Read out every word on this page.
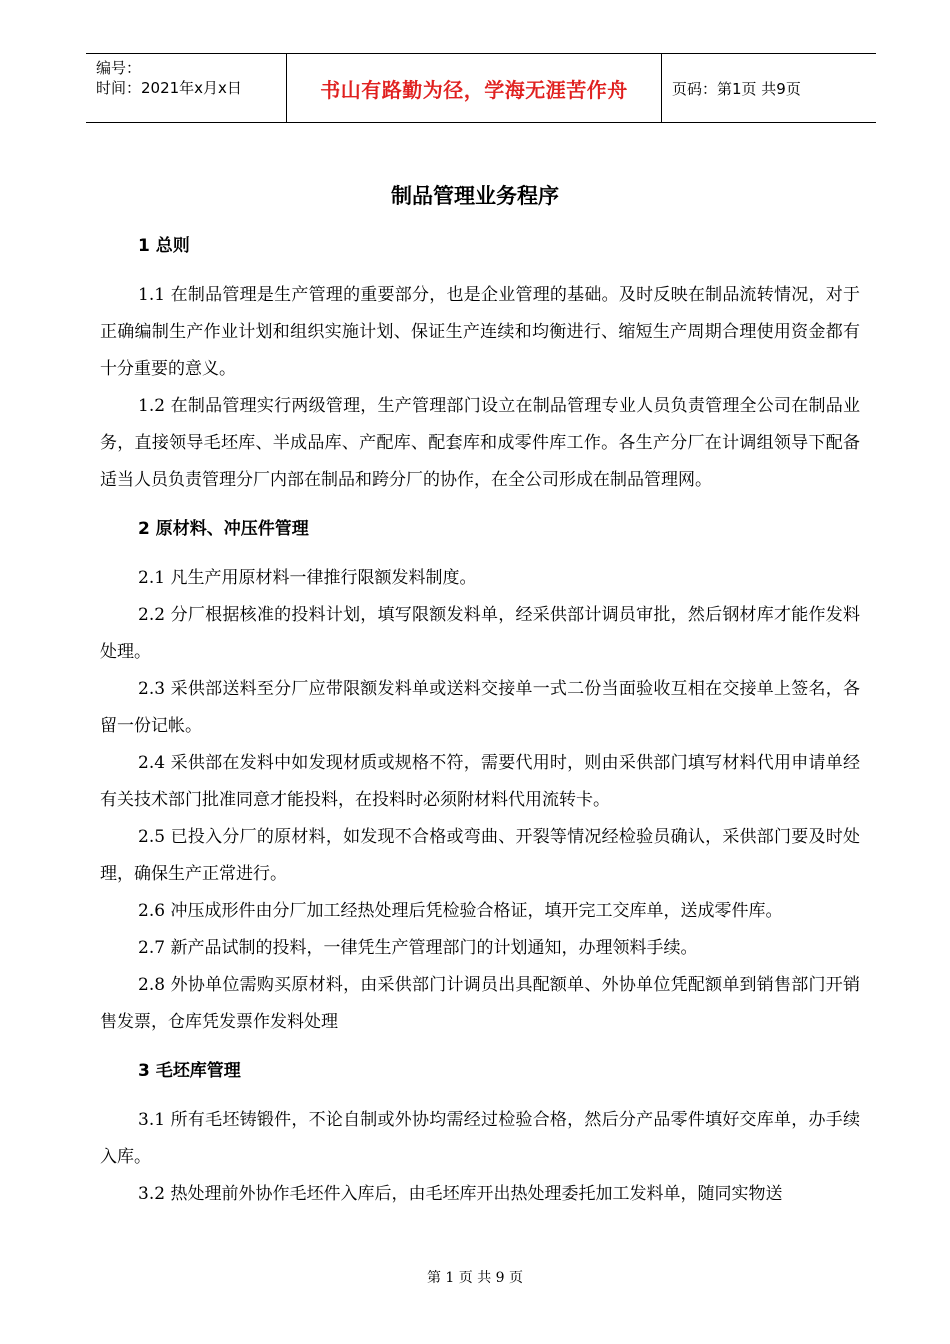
编号：
时间：2021年x月x日	书山有路勤为径，学海无涯苦作舟	页码：第1页 共9页
制品管理业务程序
1 总则

1.1 在制品管理是生产管理的重要部分，也是企业管理的基础。及时反映在制品流转情况，对于正确编制生产作业计划和组织实施计划、保证生产连续和均衡进行、缩短生产周期合理使用资金都有十分重要的意义。

1.2 在制品管理实行两级管理，生产管理部门设立在制品管理专业人员负责管理全公司在制品业务，直接领导毛坯库、半成品库、产配库、配套库和成零件库工作。各生产分厂在计调组领导下配备适当人员负责管理分厂内部在制品和跨分厂的协作，在全公司形成在制品管理网。

2 原材料、冲压件管理

2.1 凡生产用原材料一律推行限额发料制度。

2.2 分厂根据核准的投料计划，填写限额发料单，经采供部计调员审批，然后钢材库才能作发料处理。

2.3 采供部送料至分厂应带限额发料单或送料交接单一式二份当面验收互相在交接单上签名，各留一份记帐。

2.4 采供部在发料中如发现材质或规格不符，需要代用时，则由采供部门填写材料代用申请单经有关技术部门批准同意才能投料，在投料时必须附材料代用流转卡。

2.5 已投入分厂的原材料，如发现不合格或弯曲、开裂等情况经检验员确认，采供部门要及时处理，确保生产正常进行。

2.6 冲压成形件由分厂加工经热处理后凭检验合格证，填开完工交库单，送成零件库。

2.7 新产品试制的投料，一律凭生产管理部门的计划通知，办理领料手续。

2.8 外协单位需购买原材料，由采供部门计调员出具配额单、外协单位凭配额单到销售部门开销售发票，仓库凭发票作发料处理

3 毛坯库管理

3.1 所有毛坯铸锻件，不论自制或外协均需经过检验合格，然后分产品零件填好交库单，办手续入库。

3.2 热处理前外协作毛坯件入库后，由毛坯库开出热处理委托加工发料单，随同实物送

第 1 页 共 9 页
